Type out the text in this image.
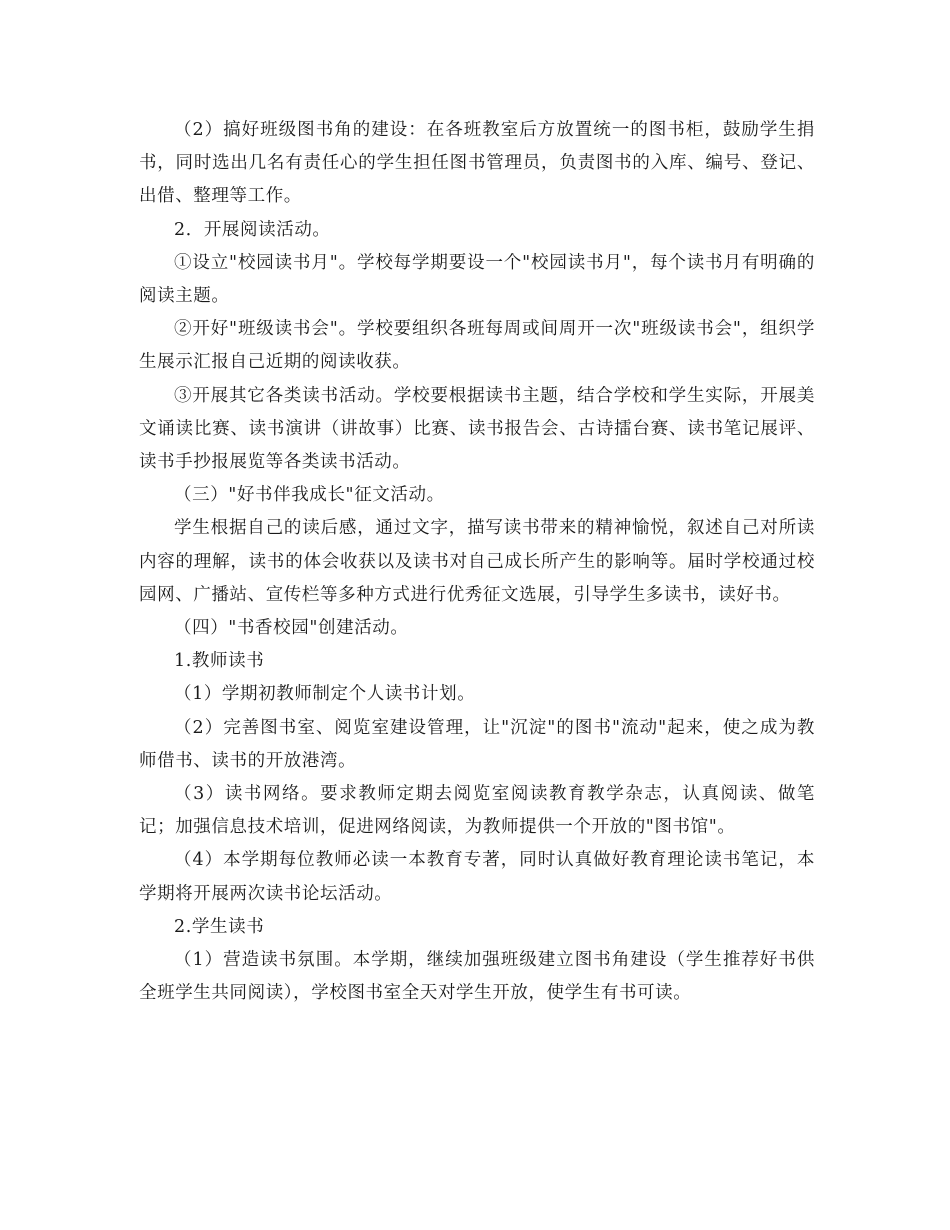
（2）搞好班级图书角的建设：在各班教室后方放置统一的图书柜，鼓励学生捐书，同时选出几名有责任心的学生担任图书管理员，负责图书的入库、编号、登记、出借、整理等工作。

2．开展阅读活动。

①设立"校园读书月"。学校每学期要设一个"校园读书月"，每个读书月有明确的阅读主题。

②开好"班级读书会"。学校要组织各班每周或间周开一次"班级读书会"，组织学生展示汇报自己近期的阅读收获。

③开展其它各类读书活动。学校要根据读书主题，结合学校和学生实际，开展美文诵读比赛、读书演讲（讲故事）比赛、读书报告会、古诗擂台赛、读书笔记展评、读书手抄报展览等各类读书活动。

（三）"好书伴我成长"征文活动。

学生根据自己的读后感，通过文字，描写读书带来的精神愉悦，叙述自己对所读内容的理解，读书的体会收获以及读书对自己成长所产生的影响等。届时学校通过校园网、广播站、宣传栏等多种方式进行优秀征文选展，引导学生多读书，读好书。

（四）"书香校园"创建活动。

1.教师读书

（1）学期初教师制定个人读书计划。

（2）完善图书室、阅览室建设管理，让"沉淀"的图书"流动"起来，使之成为教师借书、读书的开放港湾。

（3）读书网络。要求教师定期去阅览室阅读教育教学杂志，认真阅读、做笔记；加强信息技术培训，促进网络阅读，为教师提供一个开放的"图书馆"。

（4）本学期每位教师必读一本教育专著，同时认真做好教育理论读书笔记，本学期将开展两次读书论坛活动。

2.学生读书

（1）营造读书氛围。本学期，继续加强班级建立图书角建设（学生推荐好书供全班学生共同阅读），学校图书室全天对学生开放，使学生有书可读。
